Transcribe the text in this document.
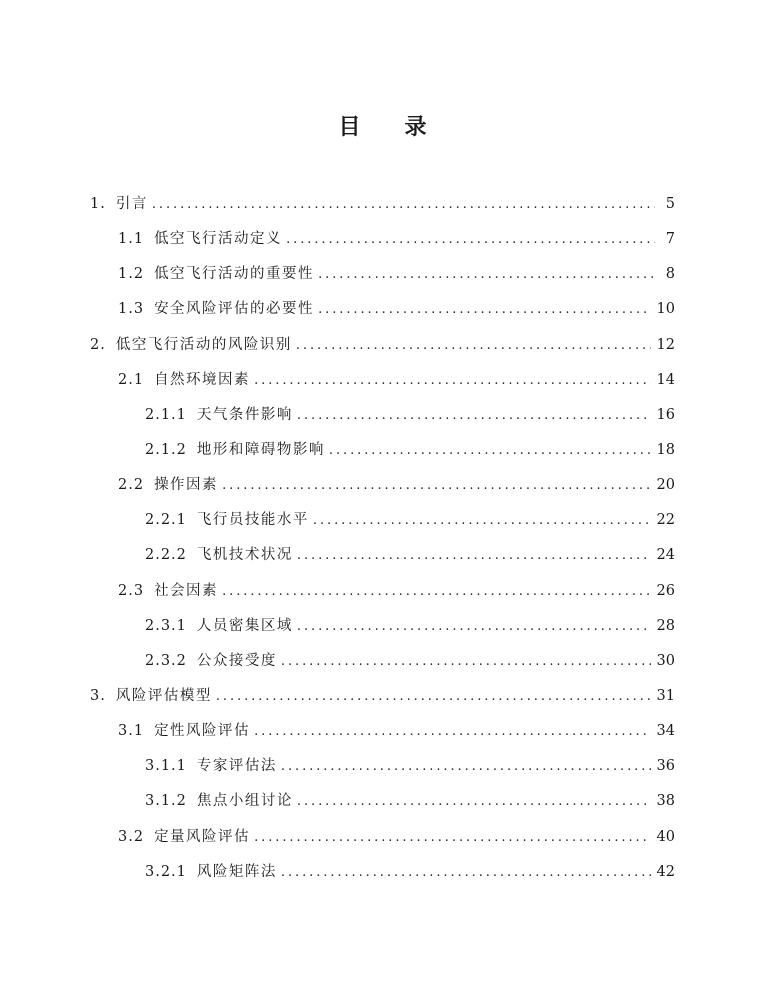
目　　录
1. 引言 . . .	5
1.1 低空飞行活动定义 . . .	7
1.2 低空飞行活动的重要性 . . .	8
1.3 安全风险评估的必要性 . . .	10
2. 低空飞行活动的风险识别 . . .	12
2.1 自然环境因素 . . .	14
2.1.1 天气条件影响 . . .	16
2.1.2 地形和障碍物影响 . . .	18
2.2 操作因素 . . .	20
2.2.1 飞行员技能水平 . . .	22
2.2.2 飞机技术状况 . . .	24
2.3 社会因素 . . .	26
2.3.1 人员密集区域 . . .	28
2.3.2 公众接受度 . . .	30
3. 风险评估模型 . . .	31
3.1 定性风险评估 . . .	34
3.1.1 专家评估法 . . .	36
3.1.2 焦点小组讨论 . . .	38
3.2 定量风险评估 . . .	40
3.2.1 风险矩阵法 . . .	42
